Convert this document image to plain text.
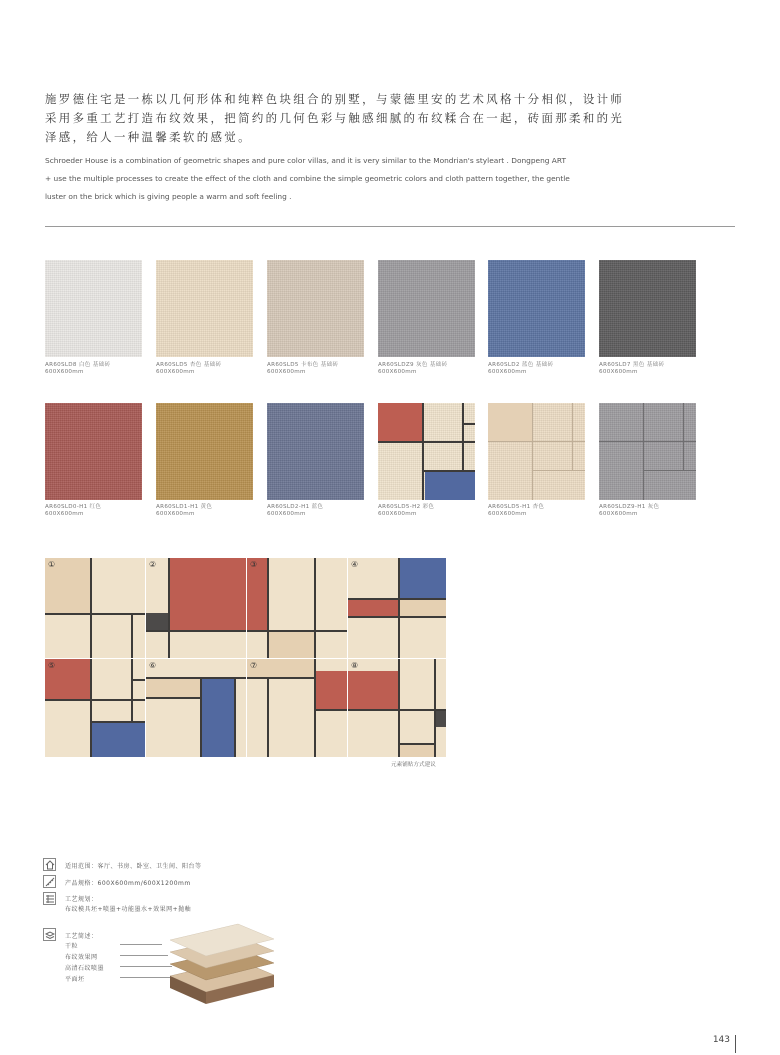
施罗德住宅是一栋以几何形体和纯粹色块组合的别墅，与蒙德里安的艺术风格十分相似，设计师
采用多重工艺打造布纹效果，把简约的几何色彩与触感细腻的布纹糅合在一起，砖面那柔和的光
泽感，给人一种温馨柔软的感觉。
Schroeder House is a combination of geometric shapes and pure color villas, and it is very similar to the Mondrian's styleart . Dongpeng ART
+ use the multiple processes to create the effect of the cloth and combine the simple geometric colors and cloth pattern together, the gentle
luster on the brick which is giving people a warm and soft feeling .
AR60SLD8 白色 基础砖
600X600mm
AR60SLD5 杏色 基础砖
600X600mm
AR60SLD5 卡布色 基础砖
600X600mm
AR60SLDZ9 灰色 基础砖
600X600mm
AR60SLD2 蓝色 基础砖
600X600mm
AR60SLD7 黑色 基础砖
600X600mm
AR60SLD0-H1 红色
600X600mm
AR60SLD1-H1 黄色
600X600mm
AR60SLD2-H1 蓝色
600X600mm
AR60SLD5-H2 彩色
600X600mm
AR60SLD5-H1 杏色
600X600mm
AR60SLDZ9-H1 灰色
600X600mm
①	②	③	④
⑤	⑥	⑦	⑧
元素铺贴方式建议
适用范围：客厅、书房、卧室、卫生间、阳台等
产品规格：600X600mm/600X1200mm
工艺规划：
布纹模具坯+喷墨+功能墨水+效果网+抛釉
工艺简述：
干粒
布纹效果网
高清石纹喷墨
平面坯
143
